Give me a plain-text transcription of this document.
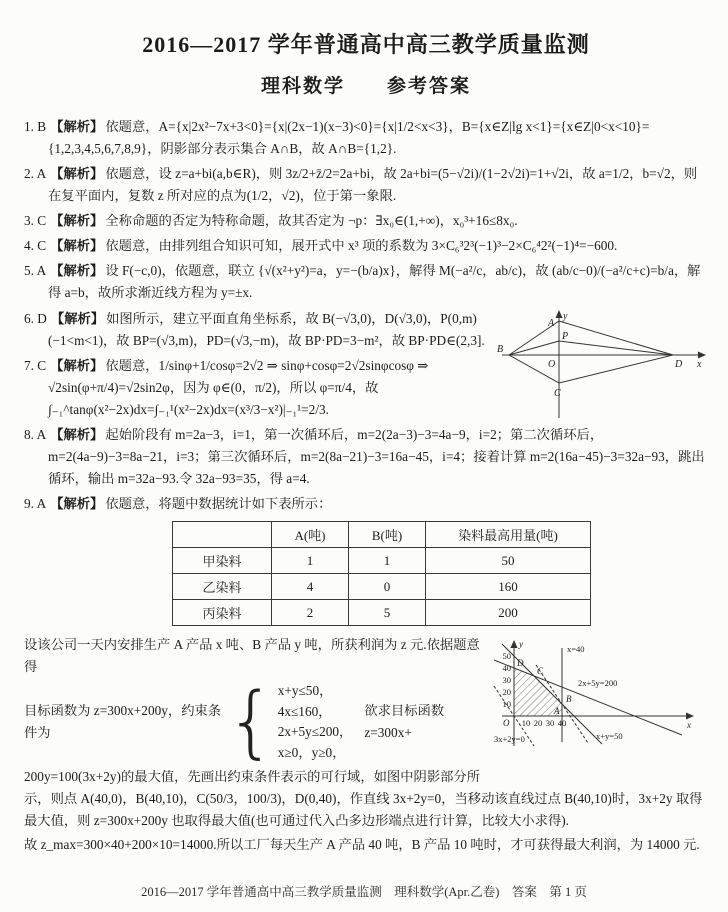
2016—2017 学年普通高中高三教学质量监测
理科数学　　参考答案
1. B 【解析】 依题意，A={x|2x²−7x+3<0}={x|(2x−1)(x−3)<0}={x|1/2<x<3}，B={x∈Z|lg x<1}={x∈Z|0<x<10}={1,2,3,4,5,6,7,8,9}，阴影部分表示集合 A∩B，故 A∩B={1,2}.
2. A 【解析】 依题意，设 z=a+bi(a,b∈R)，则 3z/2+z̄/2=2a+bi，故 2a+bi=(5−√2i)/(1−2√2i)=1+√2i，故 a=1/2，b=√2，则在复平面内，复数 z 所对应的点为(1/2，√2)，位于第一象限.
3. C 【解析】 全称命题的否定为特称命题，故其否定为 ¬p：∃x₀∈(1,+∞)，x₀³+16≤8x₀.
4. C 【解析】 依题意，由排列组合知识可知，展开式中 x³ 项的系数为 3×C₆³2³(−1)³−2×C₆⁴2²(−1)⁴=−600.
5. A 【解析】 设 F(−c,0)，依题意，联立 {√(x²+y²)=a，y=−(b/a)x}，解得 M(−a²/c，ab/c)，故 (ab/c−0)/(−a²/c+c)=b/a，解得 a=b，故所求渐近线方程为 y=±x.
y
x
A
P
B
O	D
C
6. D 【解析】 如图所示，建立平面直角坐标系，故 B(−√3,0)，D(√3,0)，P(0,m)(−1<m<1)，故 BP=(√3,m)，PD=(√3,−m)，故 BP·PD=3−m²，故 BP·PD∈(2,3].
7. C 【解析】 依题意，1/sinφ+1/cosφ=2√2 ⇒ sinφ+cosφ=2√2sinφcosφ ⇒ √2sin(φ+π/4)=√2sin2φ，因为 φ∈(0，π/2)，所以 φ=π/4，故 ∫₋₁^tanφ(x²−2x)dx=∫₋₁¹(x²−2x)dx=(x³/3−x²)|₋₁¹=2/3.
8. A 【解析】 起始阶段有 m=2a−3，i=1，第一次循环后，m=2(2a−3)−3=4a−9，i=2；第二次循环后，m=2(4a−9)−3=8a−21，i=3；第三次循环后，m=2(8a−21)−3=16a−45，i=4；接着计算 m=2(16a−45)−3=32a−93，跳出循环，输出 m=32a−93.令 32a−93=35，得 a=4.
9. A 【解析】 依题意，将题中数据统计如下表所示：
	A(吨)	B(吨)	染料最高用量(吨)
甲染料	1	1	50
乙染料	4	0	160
丙染料	2	5	200
10
20
30
40
50
10 20 30 40
O
y
x
D
C
B
A
x=40
2x+5y=200
x+y=50
3x+2y=0
设该公司一天内安排生产 A 产品 x 吨、B 产品 y 吨，所获利润为 z 元.依据题意得
目标函数为 z=300x+200y，约束条件为	{ x+y≤50，
4x≤160，
2x+5y≤200，
x≥0，y≥0，
欲求目标函数 z=300x+
200y=100(3x+2y)的最大值，先画出约束条件表示的可行域，如图中阴影部分所示，则点 A(40,0)，B(40,10)，C(50/3，100/3)，D(0,40)，作直线 3x+2y=0，当移动该直线过点 B(40,10)时，3x+2y 取得最大值，则 z=300x+200y 也取得最大值(也可通过代入凸多边形端点进行计算，比较大小求得).
故 z_max=300×40+200×10=14000.所以工厂每天生产 A 产品 40 吨，B 产品 10 吨时，才可获得最大利润，为 14000 元.
2016—2017 学年普通高中高三教学质量监测　理科数学(Apr.乙卷)　答案　第 1 页
